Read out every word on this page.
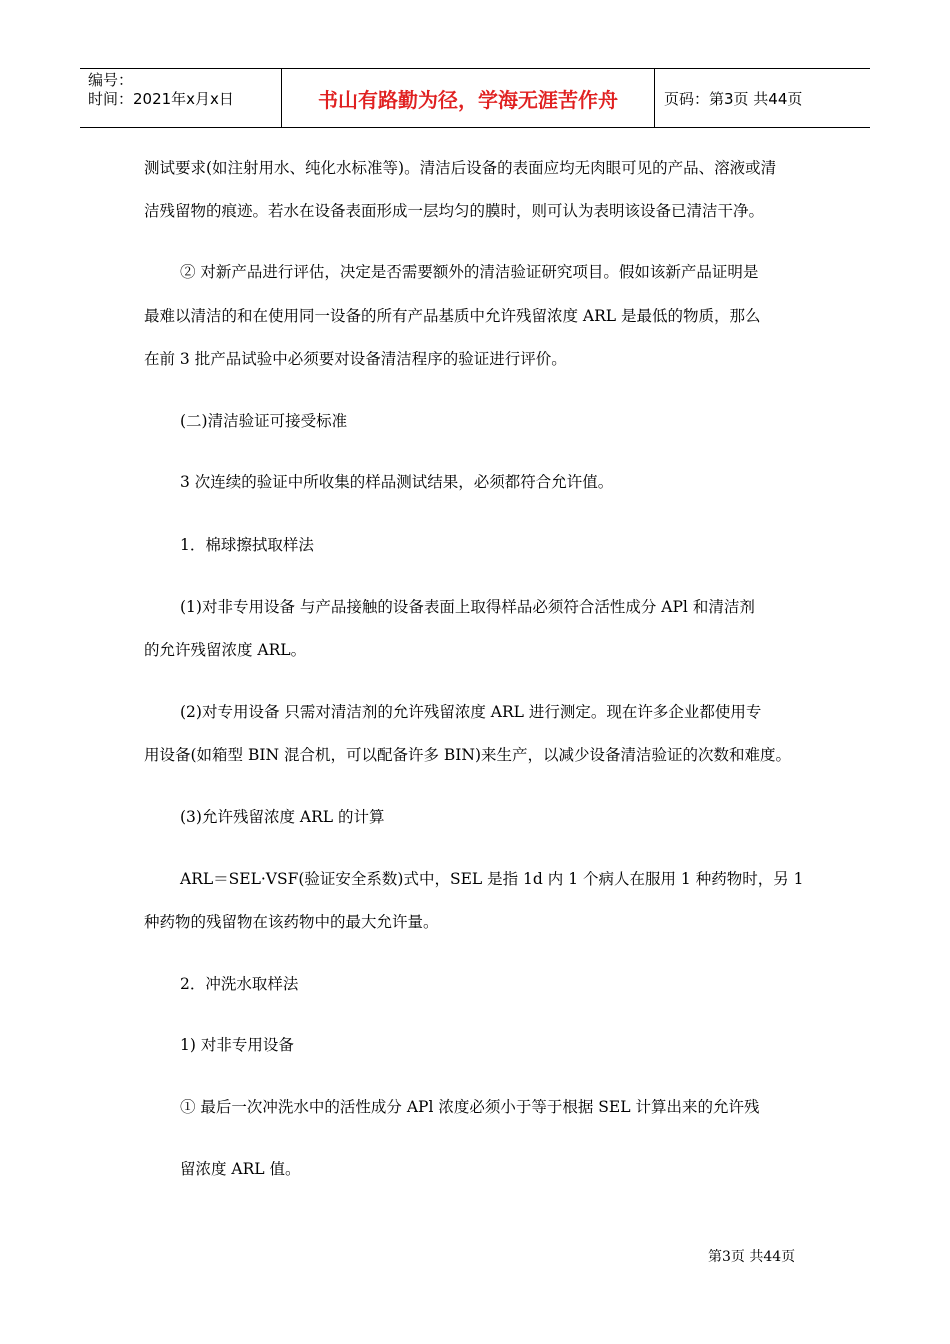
编号：
时间：2021年x月x日	书山有路勤为径，学海无涯苦作舟	页码：第3页 共44页
测试要求(如注射用水、纯化水标准等)。清洁后设备的表面应均无肉眼可见的产品、溶液或清
洁残留物的痕迹。若水在设备表面形成一层均匀的膜时，则可认为表明该设备已清洁干净。
② 对新产品进行评估，决定是否需要额外的清洁验证研究项目。假如该新产品证明是
最难以清洁的和在使用同一设备的所有产品基质中允许残留浓度 ARL 是最低的物质，那么
在前 3 批产品试验中必须要对设备清洁程序的验证进行评价。
(二)清洁验证可接受标准
3 次连续的验证中所收集的样品测试结果，必须都符合允许值。
1．棉球擦拭取样法
(1)对非专用设备 与产品接触的设备表面上取得样品必须符合活性成分 APl 和清洁剂
的允许残留浓度 ARL。
(2)对专用设备 只需对清洁剂的允许残留浓度 ARL 进行测定。现在许多企业都使用专
用设备(如箱型 BIN 混合机，可以配备许多 BIN)来生产，以减少设备清洁验证的次数和难度。
(3)允许残留浓度 ARL 的计算
ARL＝SEL·VSF(验证安全系数)式中，SEL 是指 1d 内 1 个病人在服用 1 种药物时，另 1
种药物的残留物在该药物中的最大允许量。
2．冲洗水取样法
1) 对非专用设备
① 最后一次冲洗水中的活性成分 APl 浓度必须小于等于根据 SEL 计算出来的允许残
留浓度 ARL 值。
第3页 共44页
